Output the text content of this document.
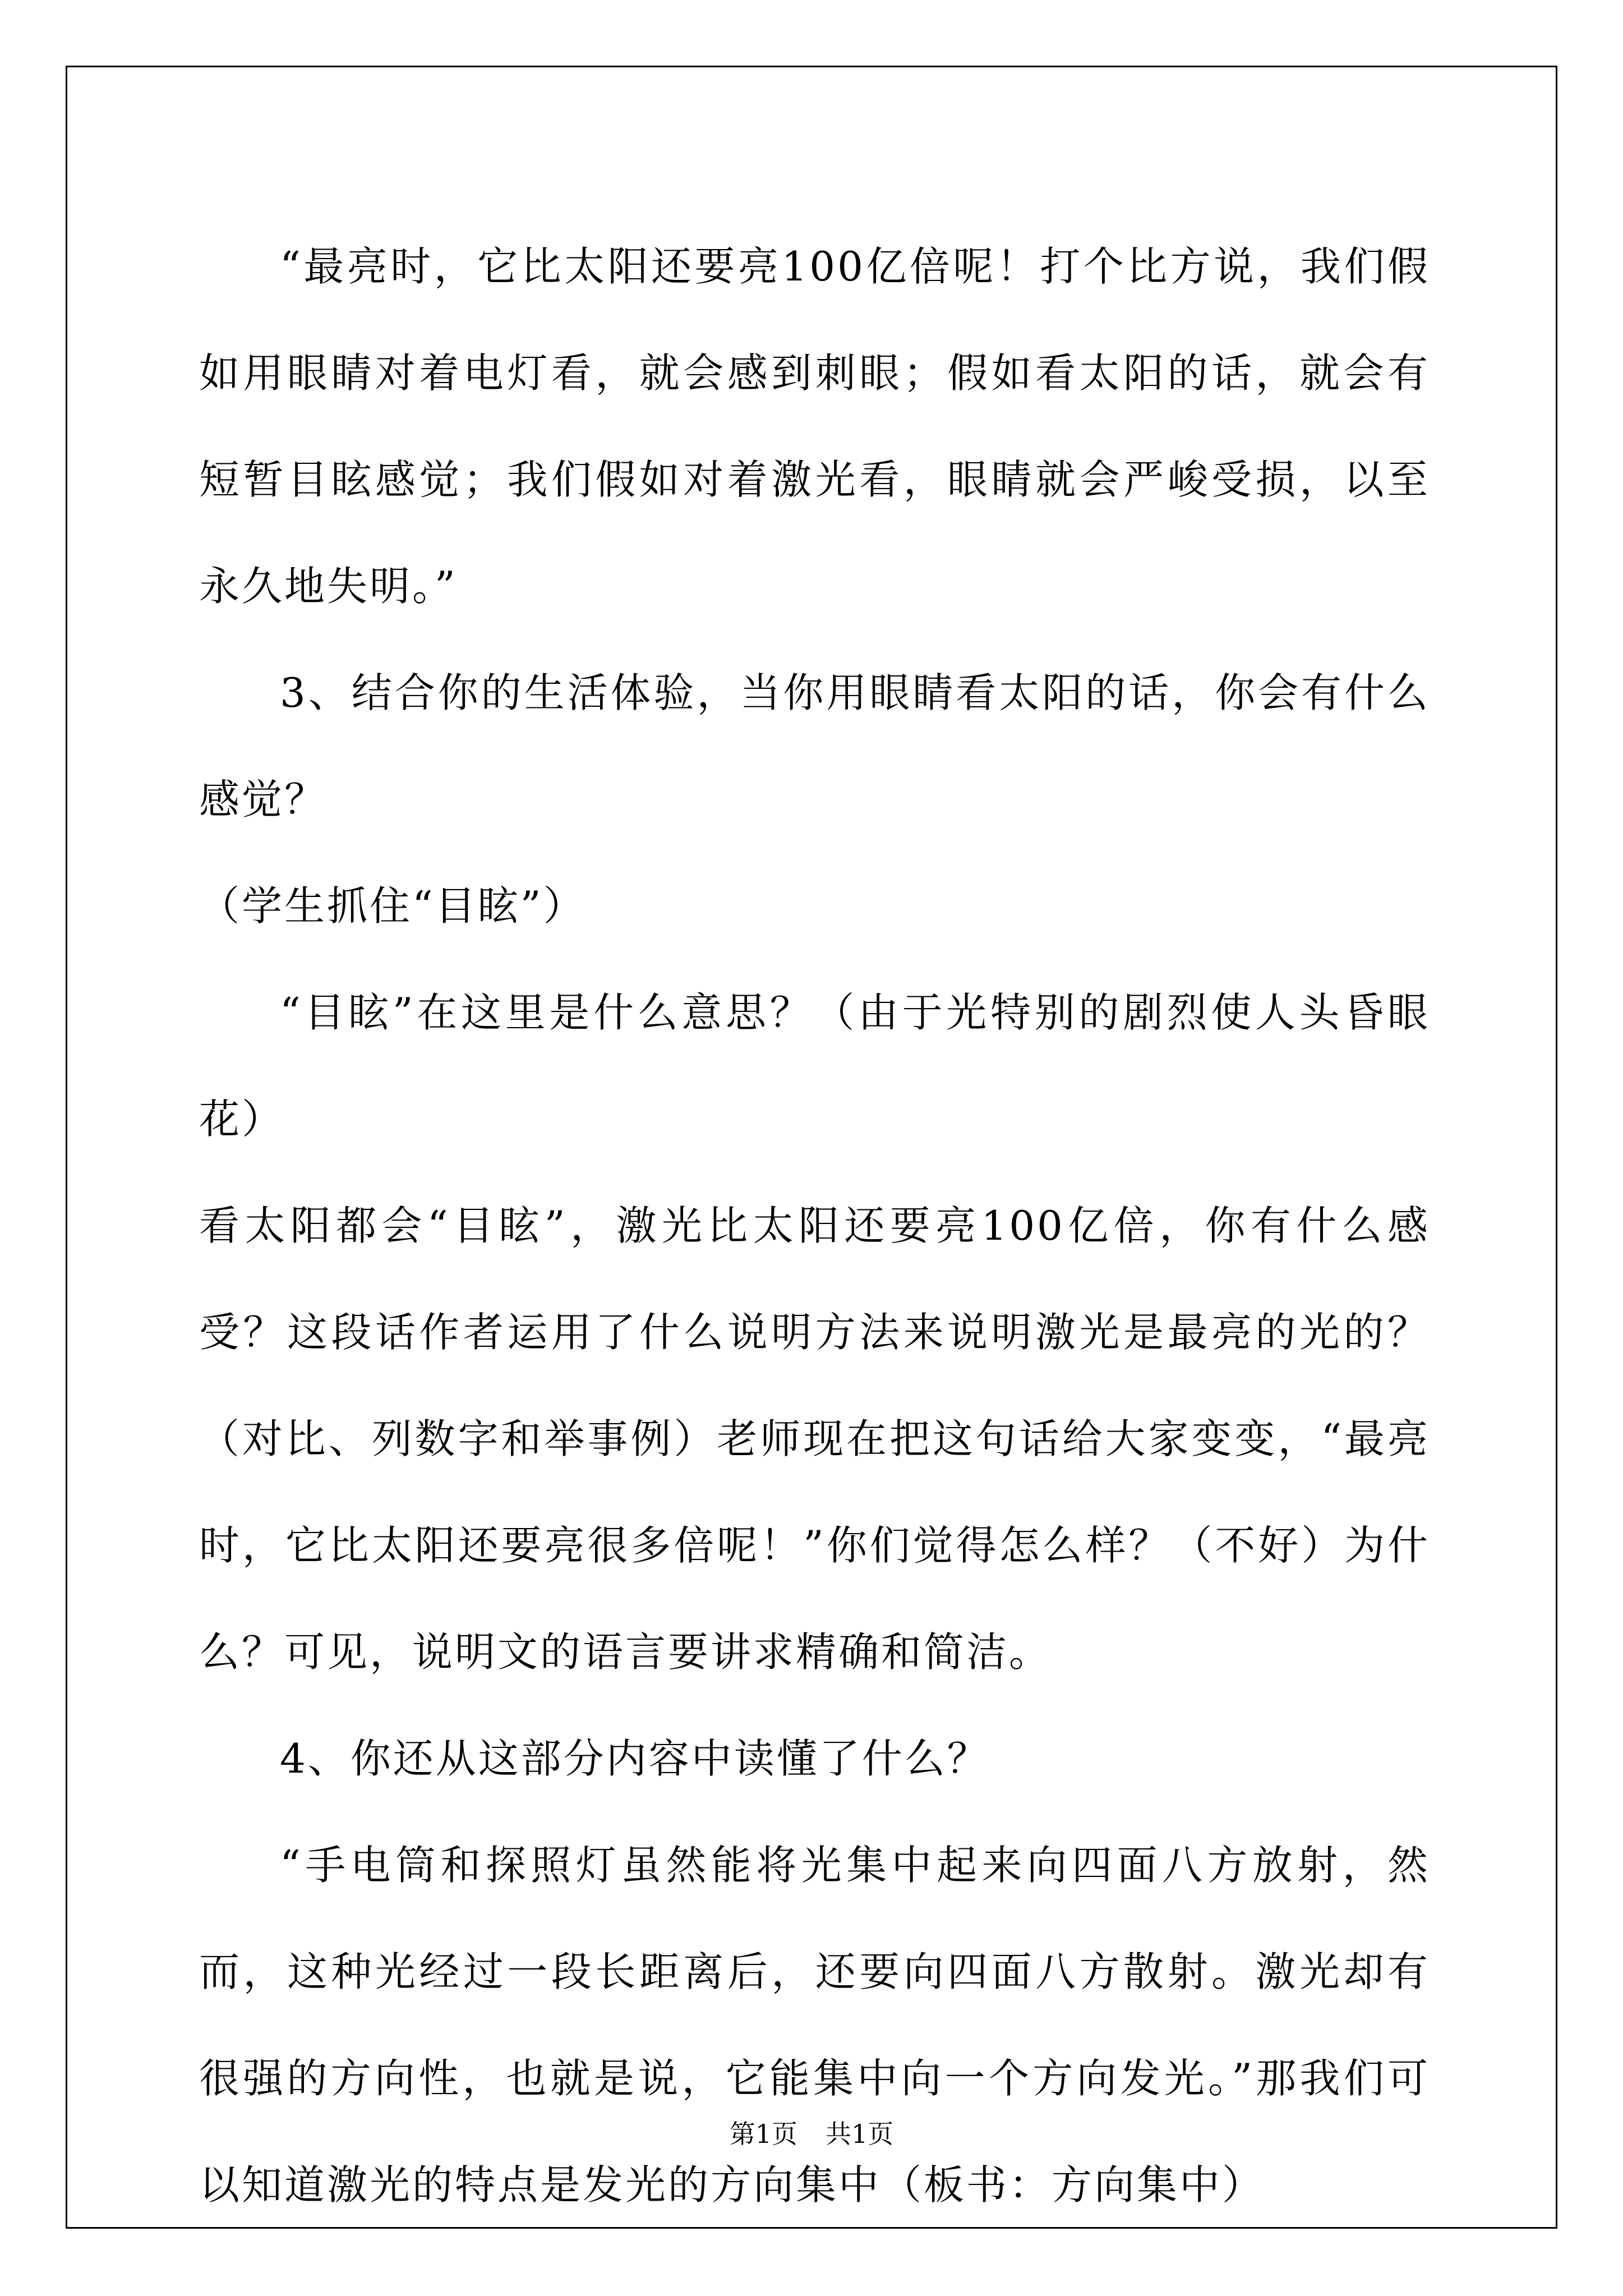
“最亮时，它比太阳还要亮100亿倍呢！打个比方说，我们假如用眼睛对着电灯看，就会感到刺眼；假如看太阳的话，就会有短暂目眩感觉；我们假如对着激光看，眼睛就会严峻受损，以至永久地失明。”

3、结合你的生活体验，当你用眼睛看太阳的话，你会有什么感觉？

（学生抓住“目眩”）

“目眩”在这里是什么意思？（由于光特别的剧烈使人头昏眼花）

看太阳都会“目眩”，激光比太阳还要亮100亿倍，你有什么感受？这段话作者运用了什么说明方法来说明激光是最亮的光的？（对比、列数字和举事例）老师现在把这句话给大家变变，“最亮时，它比太阳还要亮很多倍呢！”你们觉得怎么样？（不好）为什么？可见，说明文的语言要讲求精确和简洁。

4、你还从这部分内容中读懂了什么？

“手电筒和探照灯虽然能将光集中起来向四面八方放射，然而，这种光经过一段长距离后，还要向四面八方散射。激光却有很强的方向性，也就是说，它能集中向一个方向发光。”那我们可以知道激光的特点是发光的方向集中（板书：方向集中）

第1页 共1页
